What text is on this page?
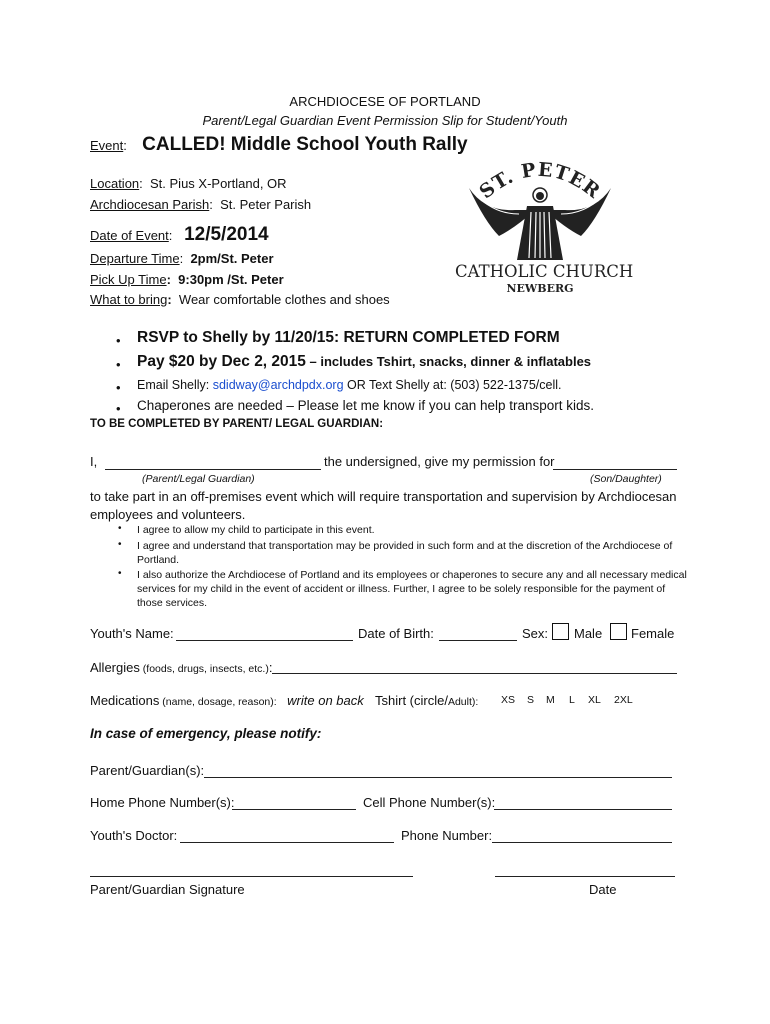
ARCHDIOCESE OF PORTLAND
Parent/Legal Guardian Event Permission Slip for Student/Youth
Event:    CALLED! Middle School Youth Rally
Location:  St. Pius X-Portland, OR
Archdiocesan Parish:  St. Peter Parish
Date of Event:   12/5/2014
Departure Time:  2pm/St. Peter
Pick Up Time: 9:30pm /St. Peter
What to bring: Wear comfortable clothes and shoes
ST. PETER
CATHOLIC CHURCH
NEWBERG
• RSVP to Shelly by 11/20/15: RETURN COMPLETED FORM
• Pay $20 by Dec 2, 2015 – includes Tshirt, snacks, dinner & inflatables
• Email Shelly: sdidway@archdpdx.org OR Text Shelly at: (503) 522-1375/cell.
• Chaperones are needed – Please let me know if you can help transport kids.
TO BE COMPLETED BY PARENT/ LEGAL GUARDIAN:
I,	the undersigned, give my permission for
(Parent/Legal Guardian)	(Son/Daughter)
to take part in an off-premises event which will require transportation and supervision by Archdiocesan
employees and volunteers.
• I agree to allow my child to participate in this event.
• I agree and understand that transportation may be provided in such form and at the discretion of the Archdiocese of
Portland.
• I also authorize the Archdiocese of Portland and its employees or chaperones to secure any and all necessary medical
services for my child in the event of accident or illness. Further, I agree to be solely responsible for the payment of
those services.
Youth's Name:	Date of Birth:	Sex: Male Female
Allergies (foods, drugs, insects, etc.):
Medications (name, dosage, reason): write on back Tshirt (circle/Adult): XS S M L XL 2XL
In case of emergency, please notify:
Parent/Guardian(s):
Home Phone Number(s):	Cell Phone Number(s):
Youth's Doctor:	Phone Number:
Parent/Guardian Signature	Date
